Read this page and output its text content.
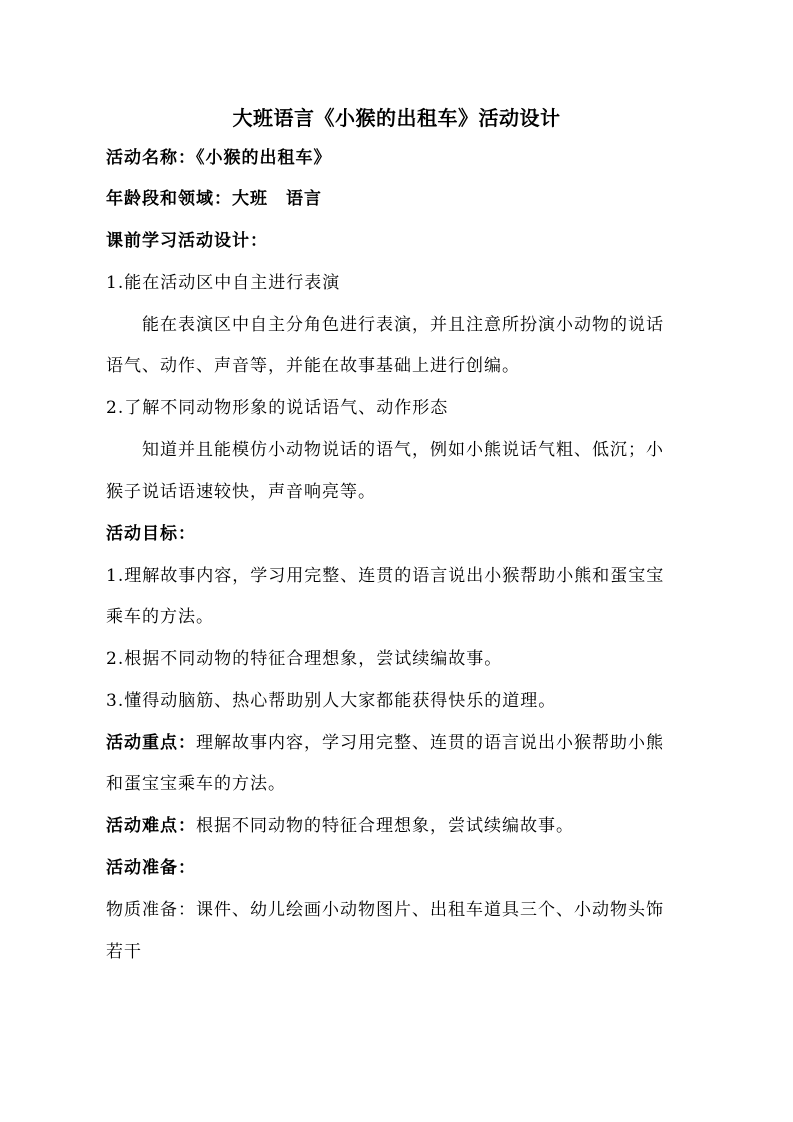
大班语言《小猴的出租车》活动设计
活动名称：《小猴的出租车》
年龄段和领域：大班　语言
课前学习活动设计：
1.能在活动区中自主进行表演
能在表演区中自主分角色进行表演，并且注意所扮演小动物的说话
语气、动作、声音等，并能在故事基础上进行创编。
2.了解不同动物形象的说话语气、动作形态
知道并且能模仿小动物说话的语气，例如小熊说话气粗、低沉；小
猴子说话语速较快，声音响亮等。
活动目标：
1.理解故事内容，学习用完整、连贯的语言说出小猴帮助小熊和蛋宝宝
乘车的方法。
2.根据不同动物的特征合理想象，尝试续编故事。
3.懂得动脑筋、热心帮助别人大家都能获得快乐的道理。
活动重点：理解故事内容，学习用完整、连贯的语言说出小猴帮助小熊
和蛋宝宝乘车的方法。
活动难点：根据不同动物的特征合理想象，尝试续编故事。
活动准备：
物质准备：课件、幼儿绘画小动物图片、出租车道具三个、小动物头饰
若干
